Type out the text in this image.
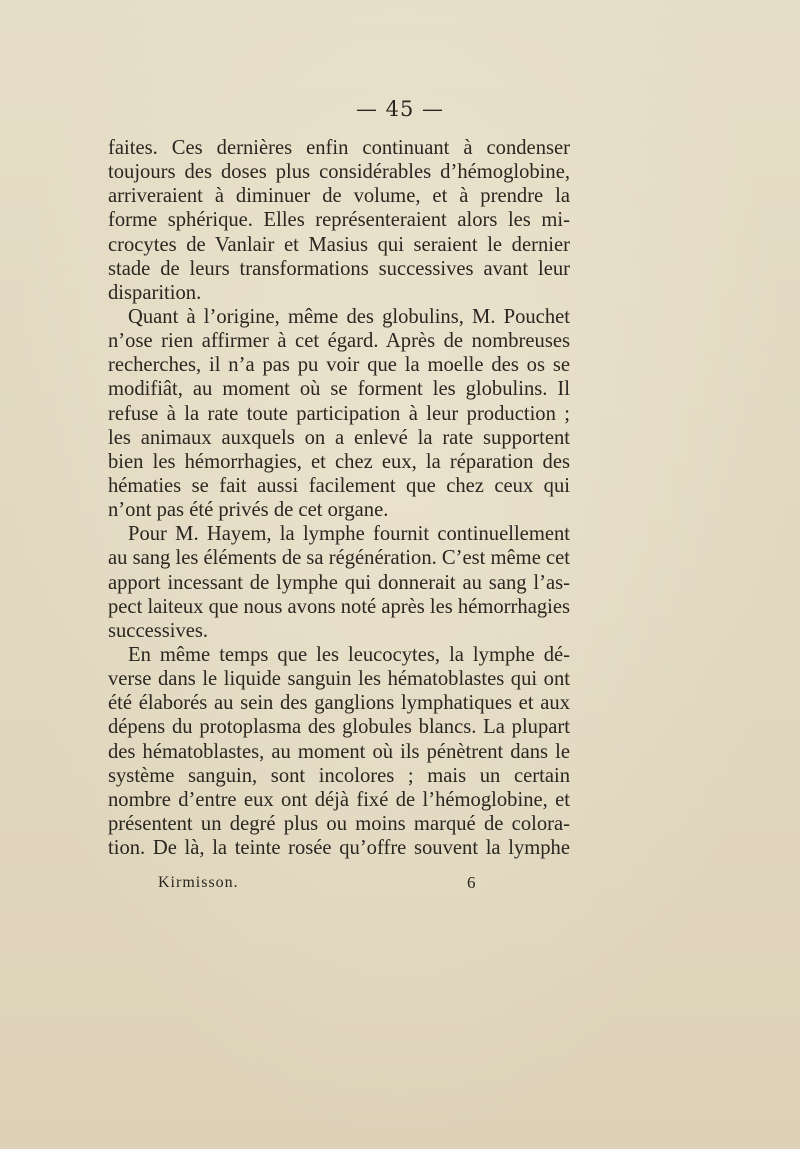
— 45 —
faites. Ces dernières enfin continuant à condenser
toujours des doses plus considérables d’hémoglobine,
arriveraient à diminuer de volume, et à prendre la
forme sphérique. Elles représenteraient alors les mi-
crocytes de Vanlair et Masius qui seraient le dernier
stade de leurs transformations successives avant leur
disparition.
Quant à l’origine, même des globulins, M. Pouchet
n’ose rien affirmer à cet égard. Après de nombreuses
recherches, il n’a pas pu voir que la moelle des os se
modifiât, au moment où se forment les globulins. Il
refuse à la rate toute participation à leur production ;
les animaux auxquels on a enlevé la rate supportent
bien les hémorrhagies, et chez eux, la réparation des
hématies se fait aussi facilement que chez ceux qui
n’ont pas été privés de cet organe.
Pour M. Hayem, la lymphe fournit continuellement
au sang les éléments de sa régénération. C’est même cet
apport incessant de lymphe qui donnerait au sang l’as-
pect laiteux que nous avons noté après les hémorrhagies
successives.
En même temps que les leucocytes, la lymphe dé-
verse dans le liquide sanguin les hématoblastes qui ont
été élaborés au sein des ganglions lymphatiques et aux
dépens du protoplasma des globules blancs. La plupart
des hématoblastes, au moment où ils pénètrent dans le
système sanguin, sont incolores ; mais un certain
nombre d’entre eux ont déjà fixé de l’hémoglobine, et
présentent un degré plus ou moins marqué de colora-
tion. De là, la teinte rosée qu’offre souvent la lymphe
Kirmisson.	6
